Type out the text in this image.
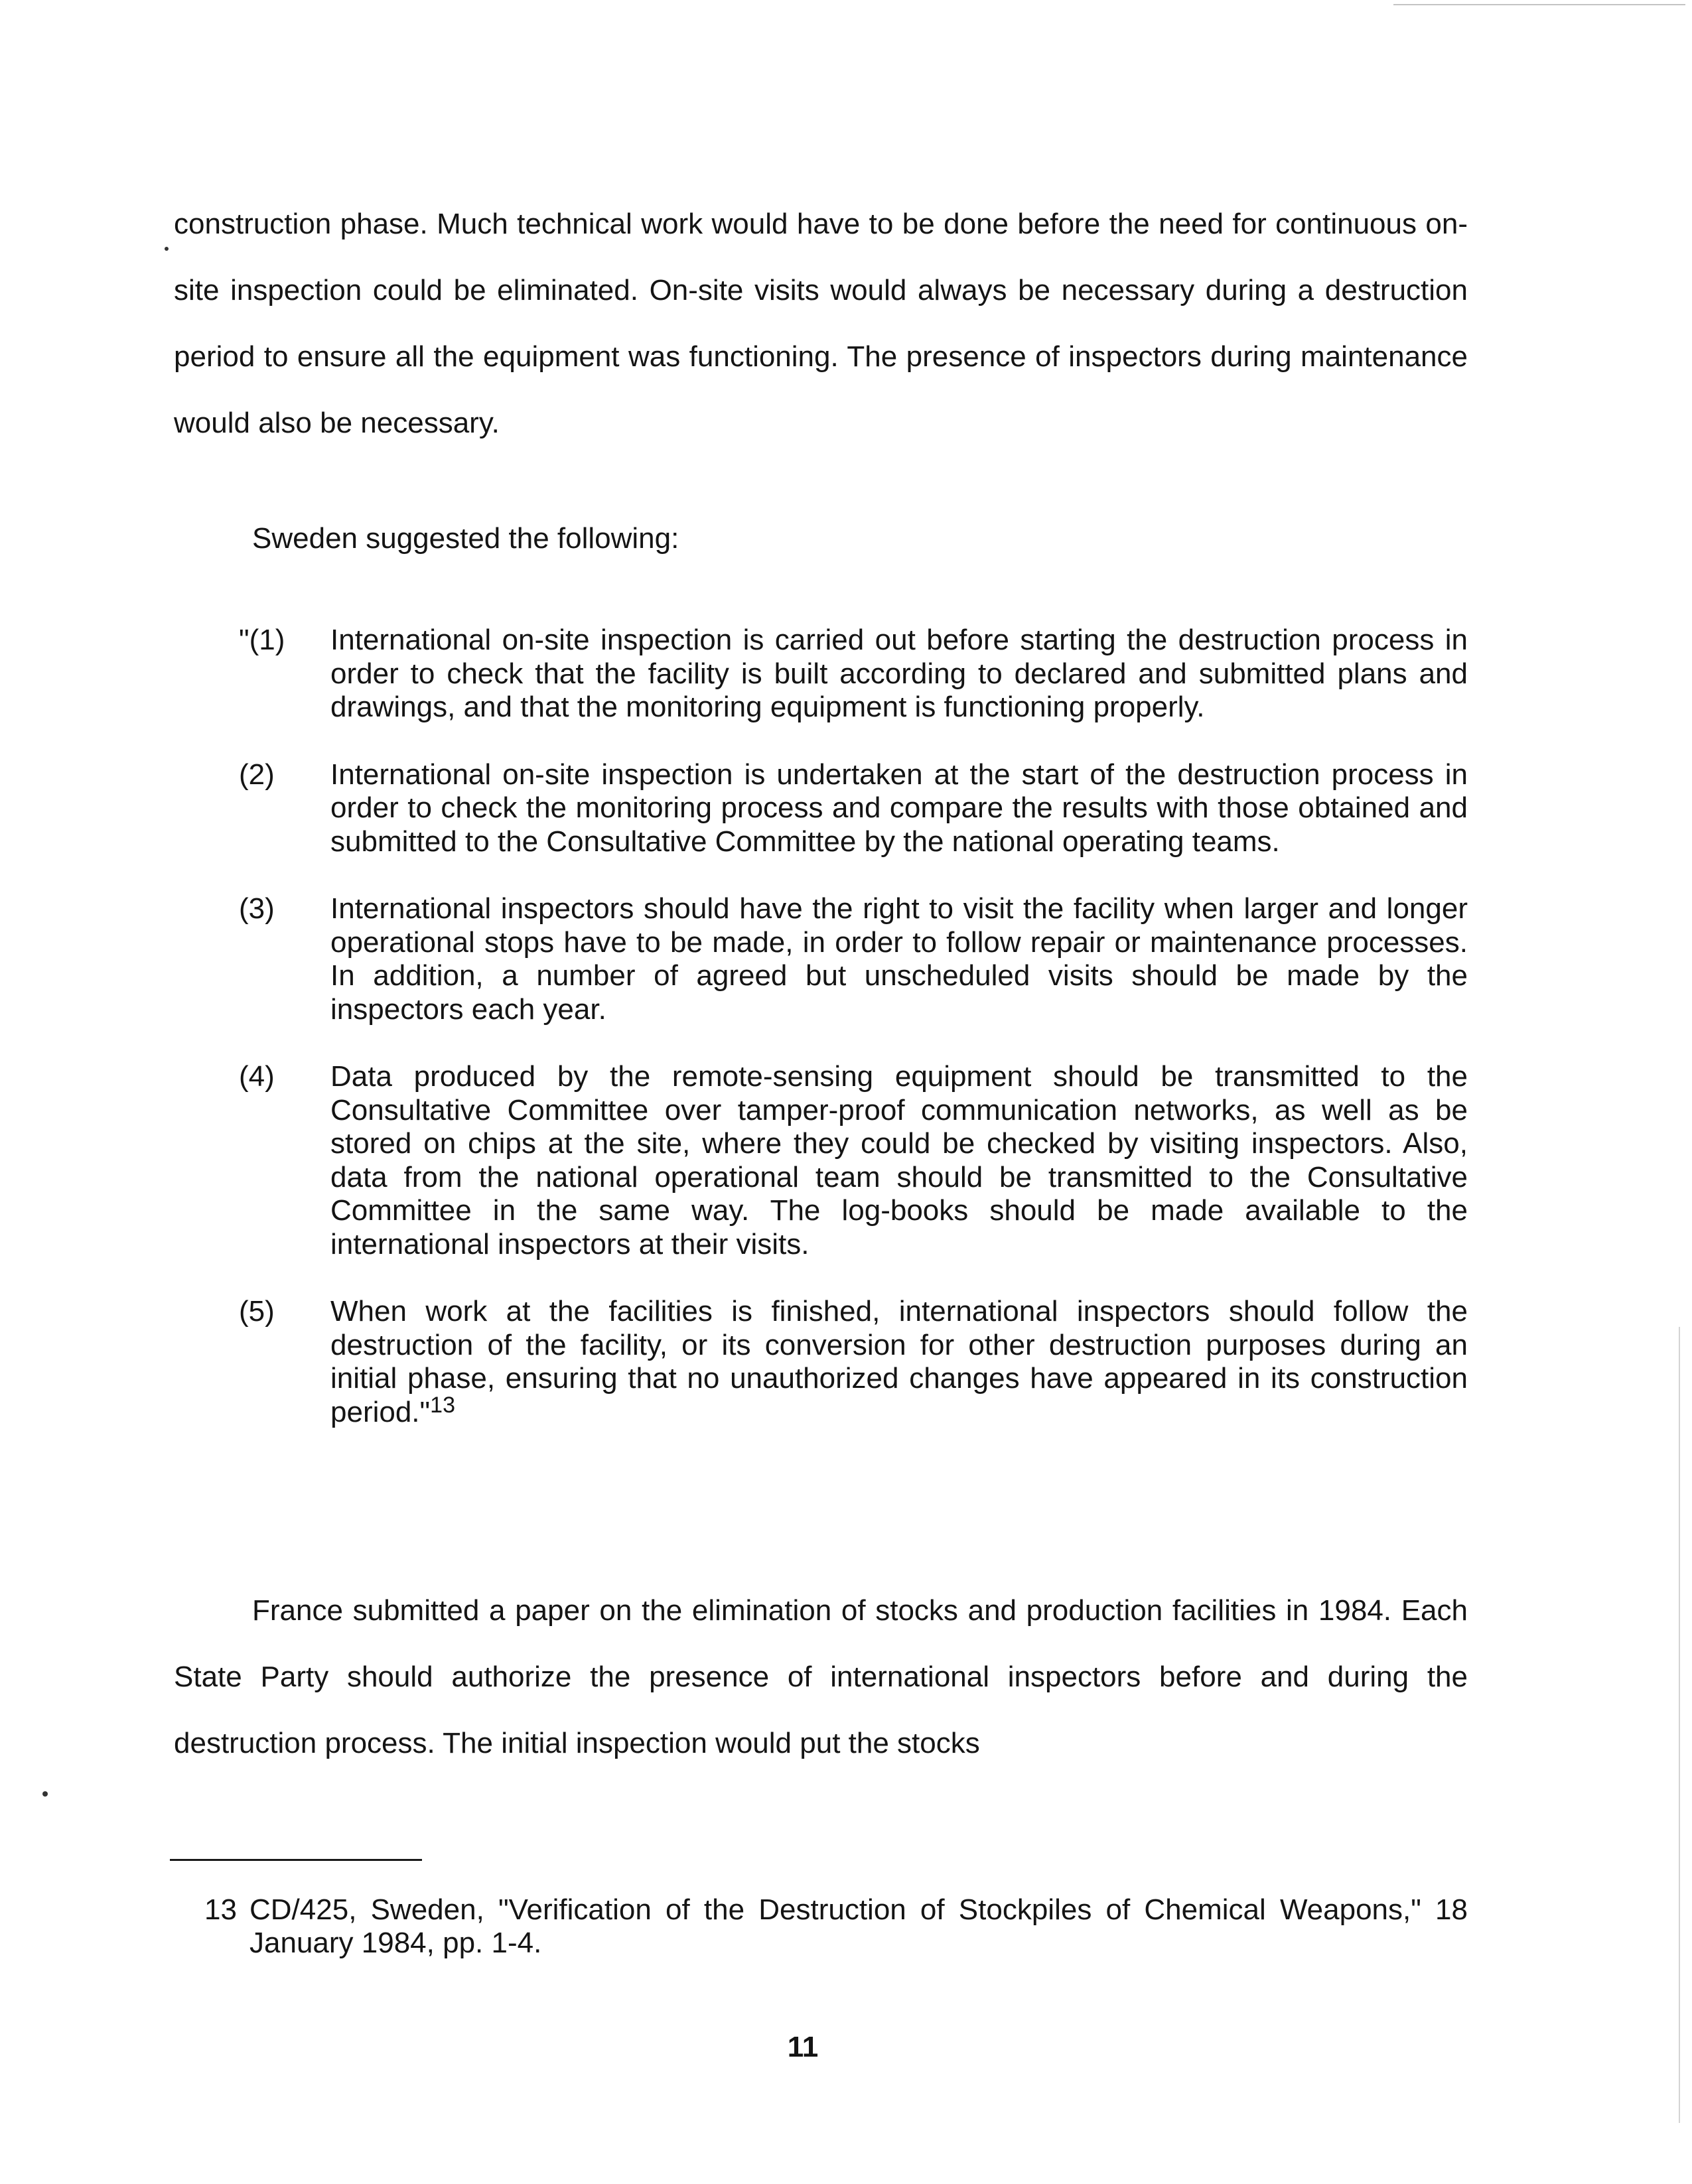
construction phase. Much technical work would have to be done before the need for continuous on-site inspection could be eliminated. On-site visits would always be necessary during a destruction period to ensure all the equipment was functioning. The presence of inspectors during maintenance would also be necessary.

Sweden suggested the following:

"(1)	International on-site inspection is carried out before starting the destruction process in order to check that the facility is built according to declared and submitted plans and drawings, and that the monitoring equipment is functioning properly.
(2)	International on-site inspection is undertaken at the start of the destruction process in order to check the monitoring process and compare the results with those obtained and submitted to the Consultative Committee by the national operating teams.
(3)	International inspectors should have the right to visit the facility when larger and longer operational stops have to be made, in order to follow repair or maintenance processes. In addition, a number of agreed but unscheduled visits should be made by the inspectors each year.
(4)	Data produced by the remote-sensing equipment should be transmitted to the Consultative Committee over tamper-proof communication networks, as well as be stored on chips at the site, where they could be checked by visiting inspectors. Also, data from the national operational team should be transmitted to the Consultative Committee in the same way. The log-books should be made available to the international inspectors at their visits.
(5)	When work at the facilities is finished, international inspectors should follow the destruction of the facility, or its conversion for other destruction purposes during an initial phase, ensuring that no unauthorized changes have appeared in its construction period."$^{13}$

France submitted a paper on the elimination of stocks and production facilities in 1984. Each State Party should authorize the presence of international inspectors before and during the destruction process. The initial inspection would put the stocks

13 CD/425, Sweden, "Verification of the Destruction of Stockpiles of Chemical Weapons," 18 January 1984, pp. 1-4.
11
